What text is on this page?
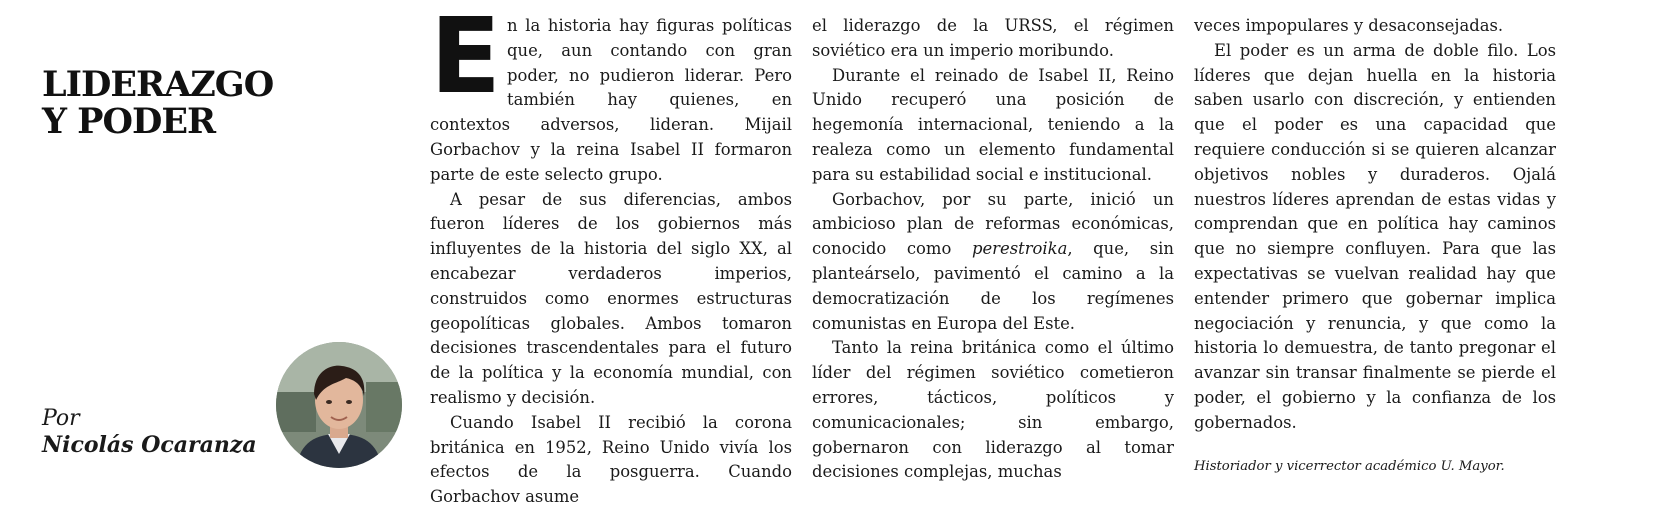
LIDERAZGO
Y PODER
Por
Nicolás Ocaranza

En la historia hay figuras políticas que, aun contando con gran poder, no pudieron liderar. Pero también hay quienes, en contextos adversos, lideran. Mijail Gorbachov y la reina Isabel II formaron parte de este selecto grupo.

A pesar de sus diferencias, ambos fueron líderes de los gobiernos más influyentes de la historia del siglo XX, al encabezar verdaderos imperios, construidos como enormes estructuras geopolíticas globales. Ambos tomaron decisiones trascendentales para el futuro de la política y la economía mundial, con realismo y decisión.

Cuando Isabel II recibió la corona británica en 1952, Reino Unido vivía los efectos de la posguerra. Cuando Gorbachov asume

el liderazgo de la URSS, el régimen soviético era un imperio moribundo.

Durante el reinado de Isabel II, Reino Unido recuperó una posición de hegemonía internacional, teniendo a la realeza como un elemento fundamental para su estabilidad social e institucional.

Gorbachov, por su parte, inició un ambicioso plan de reformas económicas, conocido como perestroika, que, sin planteárselo, pavimentó el camino a la democratización de los regímenes comunistas en Europa del Este.

Tanto la reina británica como el último líder del régimen soviético cometieron errores, tácticos, políticos y comunicacionales; sin embargo, gobernaron con liderazgo al tomar decisiones complejas, muchas

veces impopulares y desaconsejadas.

El poder es un arma de doble filo. Los líderes que dejan huella en la historia saben usarlo con discreción, y entienden que el poder es una capacidad que requiere conducción si se quieren alcanzar objetivos nobles y duraderos. Ojalá nuestros líderes aprendan de estas vidas y comprendan que en política hay caminos que no siempre confluyen. Para que las expectativas se vuelvan realidad hay que entender primero que gobernar implica negociación y renuncia, y que como la historia lo demuestra, de tanto pregonar el avanzar sin transar finalmente se pierde el poder, el gobierno y la confianza de los gobernados.

Historiador y vicerrector académico U. Mayor.
